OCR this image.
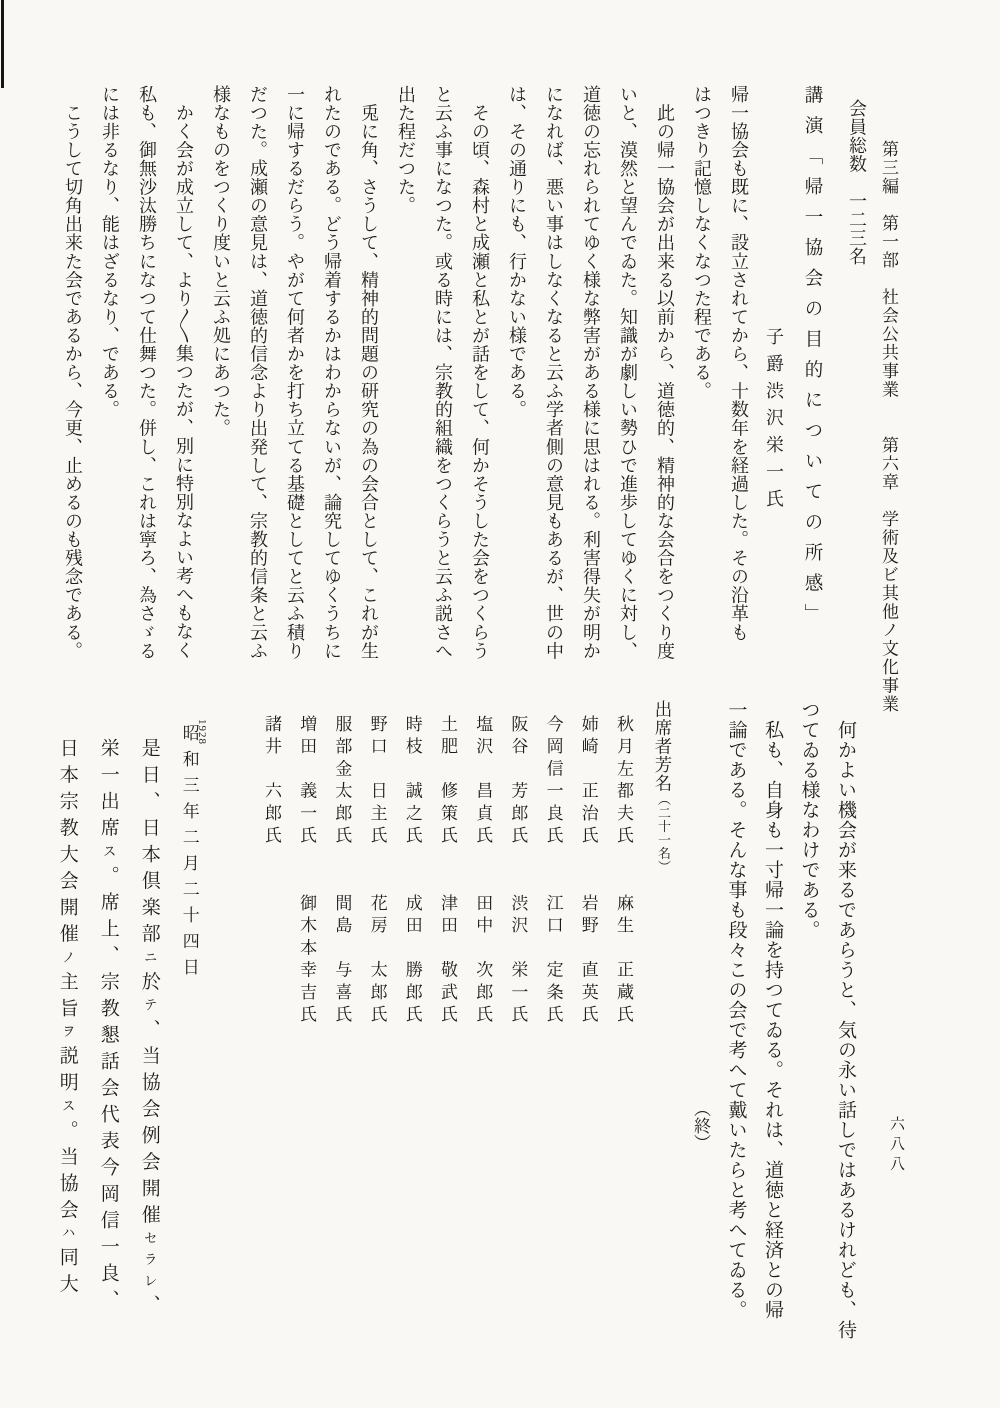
第三編　第一部　社会公共事業　　第六章　学術及ビ其他ノ文化事業
六八八
会員総数　一二三名
講演「帰一協会の目的についての所感」
子爵渋沢栄一氏
帰一協会も既に、設立されてから、十数年を経過した。その沿革も
はつきり記憶しなくなつた程である。
　此の帰一協会が出来る以前から、道徳的、精神的な会合をつくり度
いと、漠然と望んでゐた。知識が劇しい勢ひで進歩してゆくに対し、
道徳の忘れられてゆく様な弊害がある様に思はれる。利害得失が明か
になれば、悪い事はしなくなると云ふ学者側の意見もあるが、世の中
は、その通りにも、行かない様である。
　その頃、森村と成瀬と私とが話をして、何かそうした会をつくらう
と云ふ事になつた。或る時には、宗教的組織をつくらうと云ふ説さへ
出た程だつた。
　兎に角、さうして、精神的問題の研究の為の会合として、これが生
れたのである。どう帰着するかはわからないが、論究してゆくうちに
一に帰するだらう。やがて何者かを打ち立てる基礎としてと云ふ積り
だつた。成瀬の意見は、道徳的信念より出発して、宗教的信条と云ふ
様なものをつくり度いと云ふ処にあつた。
　かく会が成立して、より〳〵集つたが、別に特別なよい考へもなく
私も、御無沙汰勝ちになつて仕舞つた。併し、これは寧ろ、為さゞる
には非るなり、能はざるなり、である。
　こうして切角出来た会であるから、今更、止めるのも残念である。
　何かよい機会が来るであらうと、気の永い話しではあるけれども、待
つてゐる様なわけである。
　私も、自身も一寸帰一論を持つてゐる。それは、道徳と経済との帰
一論である。そんな事も段々この会で考へて戴いたらと考へてゐる。
（終）
出席者芳名（二十一名）
秋月左都夫氏麻生　正蔵氏
姉崎　正治氏岩野　直英氏
今岡信一良氏江口　定条氏
阪谷　芳郎氏渋沢　栄一氏
塩沢　昌貞氏田中　次郎氏
土肥　修策氏津田　敬武氏
時枝　誠之氏成田　勝郎氏
野口　日主氏花房　太郎氏
服部金太郎氏間島　与喜氏
増田　義一氏御木本幸吉氏
諸井　六郎氏
昭和三年二月二十四日
是日、日本倶楽部ニ於テ、当協会例会開催セラレ、
栄一出席ス。席上、宗教懇話会代表今岡信一良、
日本宗教大会開催ノ主旨ヲ説明ス。当協会ハ同大
1928
